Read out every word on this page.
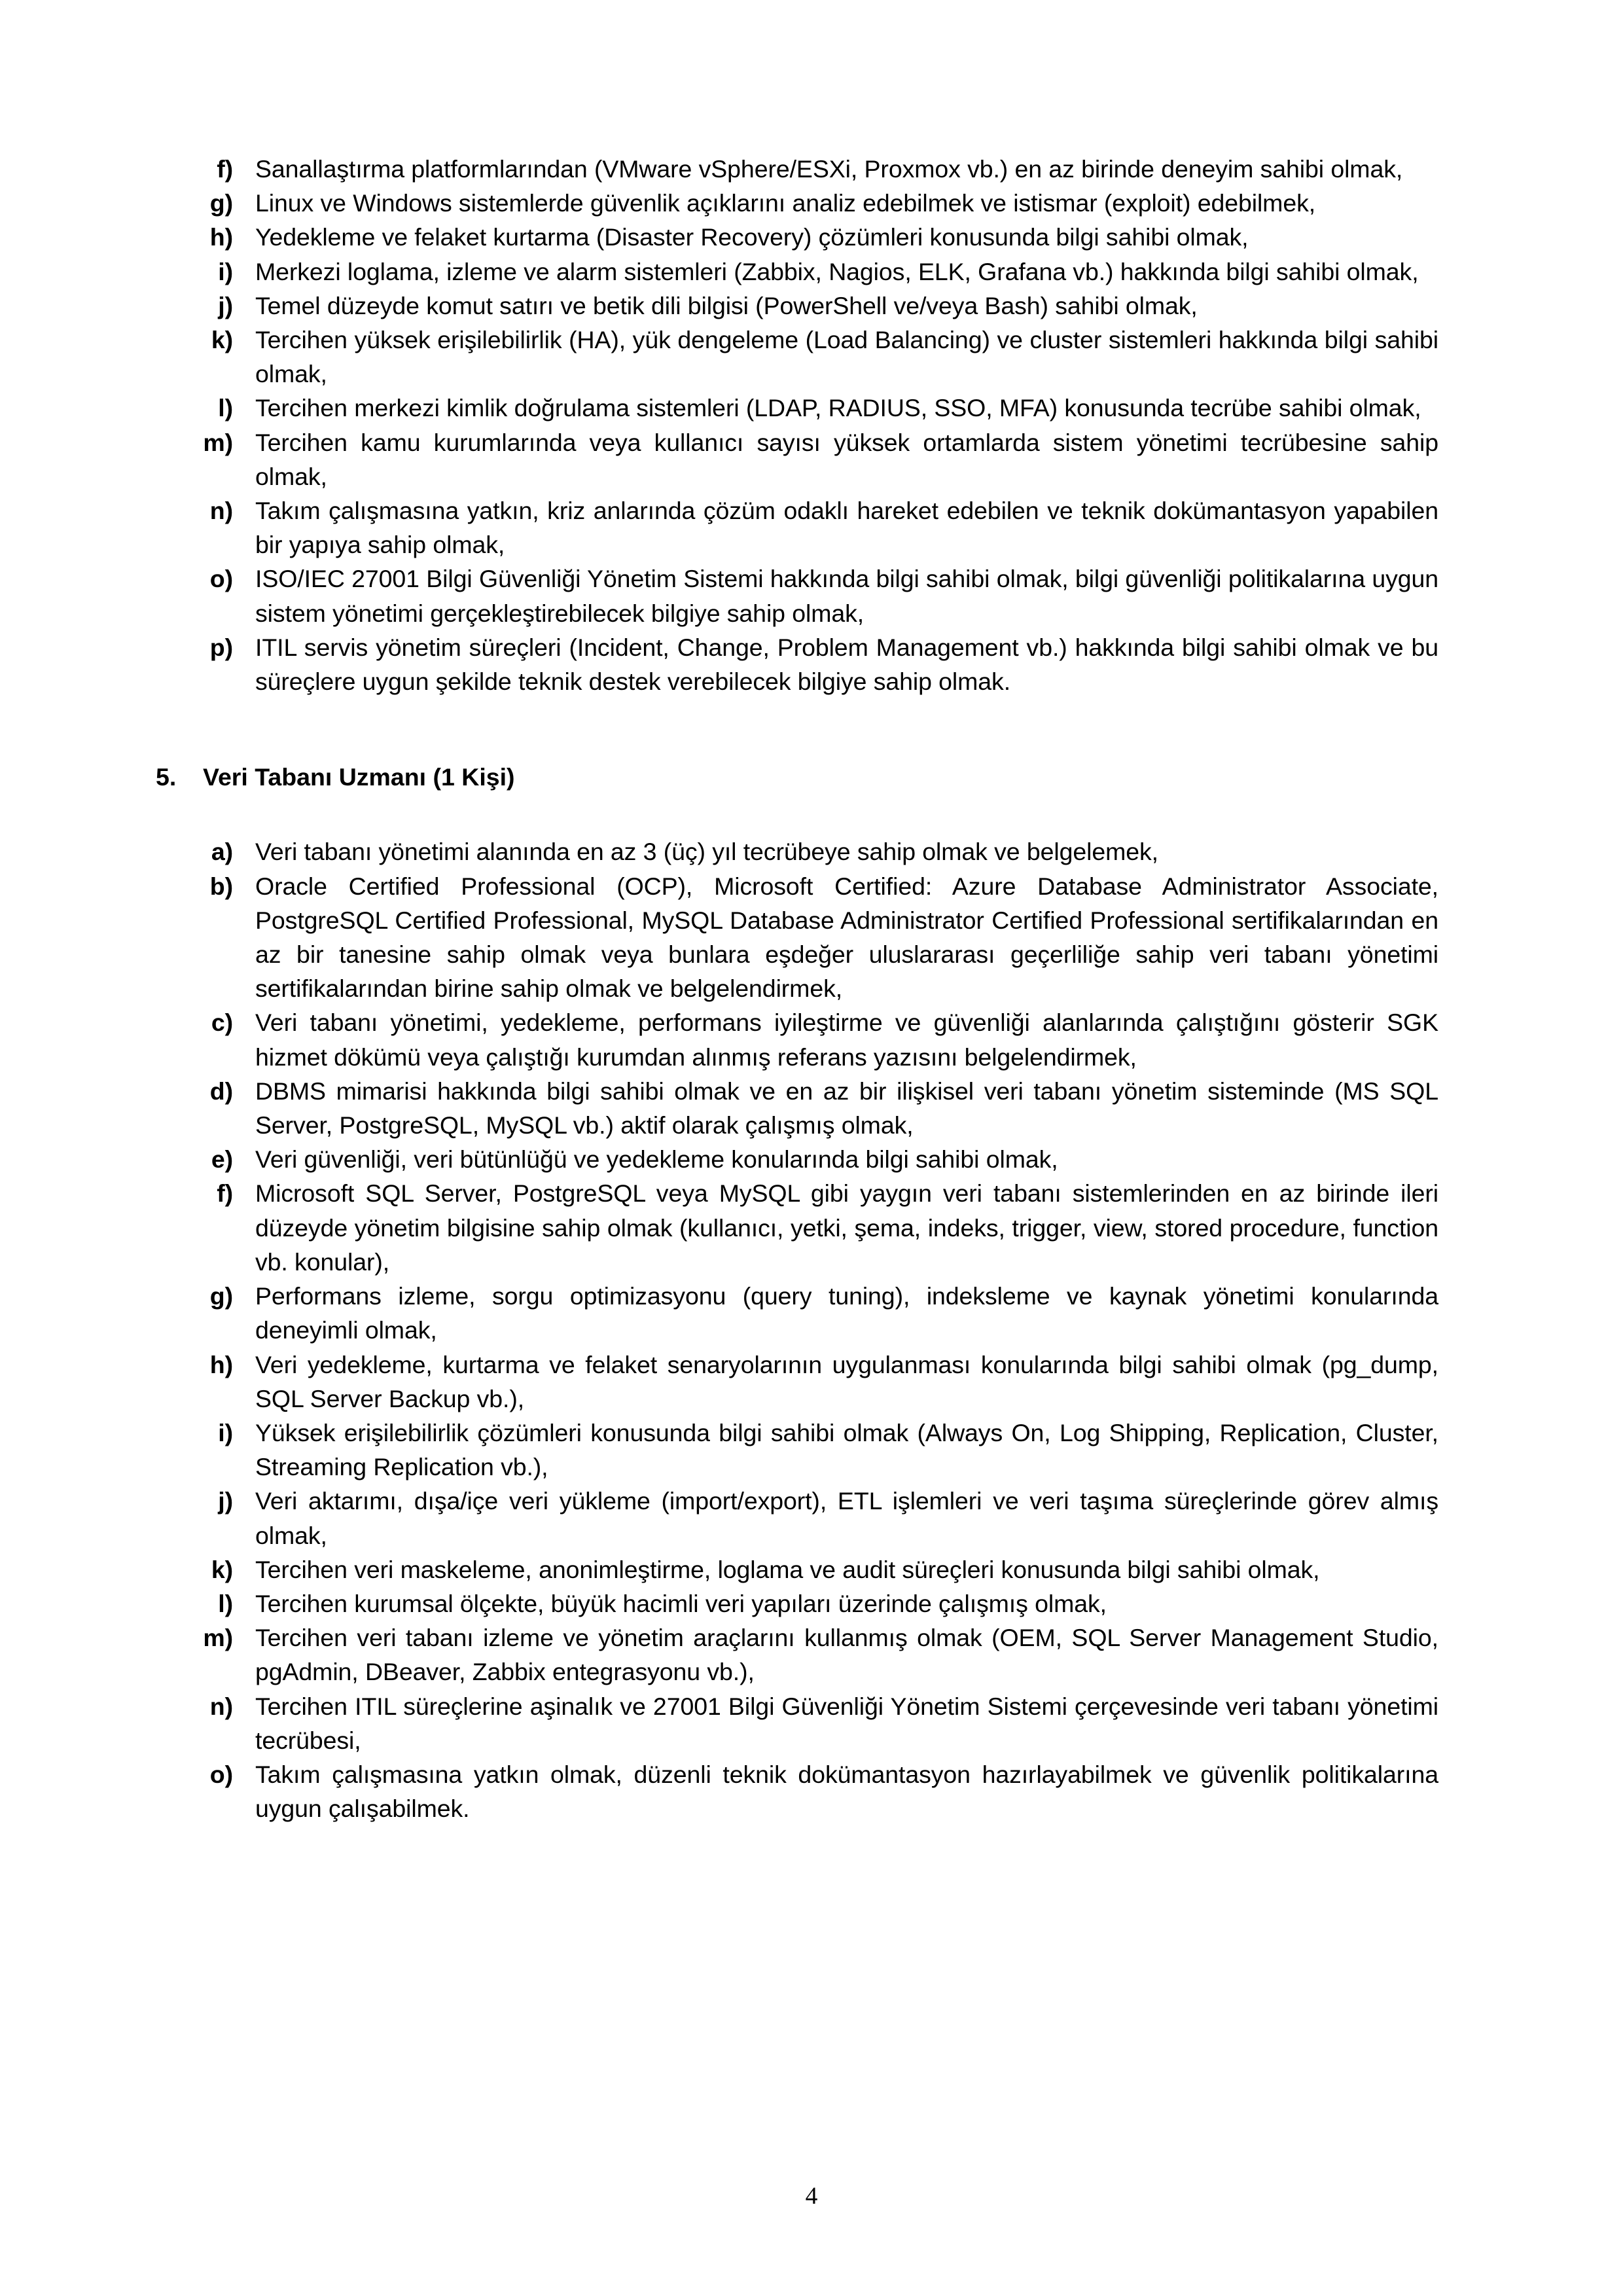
f) Sanallaştırma platformlarından (VMware vSphere/ESXi, Proxmox vb.) en az birinde deneyim sahibi olmak,
g) Linux ve Windows sistemlerde güvenlik açıklarını analiz edebilmek ve istismar (exploit) edebilmek,
h) Yedekleme ve felaket kurtarma (Disaster Recovery) çözümleri konusunda bilgi sahibi olmak,
i) Merkezi loglama, izleme ve alarm sistemleri (Zabbix, Nagios, ELK, Grafana vb.) hakkında bilgi sahibi olmak,
j) Temel düzeyde komut satırı ve betik dili bilgisi (PowerShell ve/veya Bash) sahibi olmak,
k) Tercihen yüksek erişilebilirlik (HA), yük dengeleme (Load Balancing) ve cluster sistemleri hakkında bilgi sahibi olmak,
l) Tercihen merkezi kimlik doğrulama sistemleri (LDAP, RADIUS, SSO, MFA) konusunda tecrübe sahibi olmak,
m) Tercihen kamu kurumlarında veya kullanıcı sayısı yüksek ortamlarda sistem yönetimi tecrübesine sahip olmak,
n) Takım çalışmasına yatkın, kriz anlarında çözüm odaklı hareket edebilen ve teknik dokümantasyon yapabilen bir yapıya sahip olmak,
o) ISO/IEC 27001 Bilgi Güvenliği Yönetim Sistemi hakkında bilgi sahibi olmak, bilgi güvenliği politikalarına uygun sistem yönetimi gerçekleştirebilecek bilgiye sahip olmak,
p) ITIL servis yönetim süreçleri (Incident, Change, Problem Management vb.) hakkında bilgi sahibi olmak ve bu süreçlere uygun şekilde teknik destek verebilecek bilgiye sahip olmak.
5.	Veri Tabanı Uzmanı (1 Kişi)
a) Veri tabanı yönetimi alanında en az 3 (üç) yıl tecrübeye sahip olmak ve belgelemek,
b) Oracle Certified Professional (OCP), Microsoft Certified: Azure Database Administrator Associate, PostgreSQL Certified Professional, MySQL Database Administrator Certified Professional sertifikalarından en az bir tanesine sahip olmak veya bunlara eşdeğer uluslararası geçerliliğe sahip veri tabanı yönetimi sertifikalarından birine sahip olmak ve belgelendirmek,
c) Veri tabanı yönetimi, yedekleme, performans iyileştirme ve güvenliği alanlarında çalıştığını gösterir SGK hizmet dökümü veya çalıştığı kurumdan alınmış referans yazısını belgelendirmek,
d) DBMS mimarisi hakkında bilgi sahibi olmak ve en az bir ilişkisel veri tabanı yönetim sisteminde (MS SQL Server, PostgreSQL, MySQL vb.) aktif olarak çalışmış olmak,
e) Veri güvenliği, veri bütünlüğü ve yedekleme konularında bilgi sahibi olmak,
f) Microsoft SQL Server, PostgreSQL veya MySQL gibi yaygın veri tabanı sistemlerinden en az birinde ileri düzeyde yönetim bilgisine sahip olmak (kullanıcı, yetki, şema, indeks, trigger, view, stored procedure, function vb. konular),
g) Performans izleme, sorgu optimizasyonu (query tuning), indeksleme ve kaynak yönetimi konularında deneyimli olmak,
h) Veri yedekleme, kurtarma ve felaket senaryolarının uygulanması konularında bilgi sahibi olmak (pg_dump, SQL Server Backup vb.),
i) Yüksek erişilebilirlik çözümleri konusunda bilgi sahibi olmak (Always On, Log Shipping, Replication, Cluster, Streaming Replication vb.),
j) Veri aktarımı, dışa/içe veri yükleme (import/export), ETL işlemleri ve veri taşıma süreçlerinde görev almış olmak,
k) Tercihen veri maskeleme, anonimleştirme, loglama ve audit süreçleri konusunda bilgi sahibi olmak,
l) Tercihen kurumsal ölçekte, büyük hacimli veri yapıları üzerinde çalışmış olmak,
m) Tercihen veri tabanı izleme ve yönetim araçlarını kullanmış olmak (OEM, SQL Server Management Studio, pgAdmin, DBeaver, Zabbix entegrasyonu vb.),
n) Tercihen ITIL süreçlerine aşinalık ve 27001 Bilgi Güvenliği Yönetim Sistemi çerçevesinde veri tabanı yönetimi tecrübesi,
o) Takım çalışmasına yatkın olmak, düzenli teknik dokümantasyon hazırlayabilmek ve güvenlik politikalarına uygun çalışabilmek.
4
